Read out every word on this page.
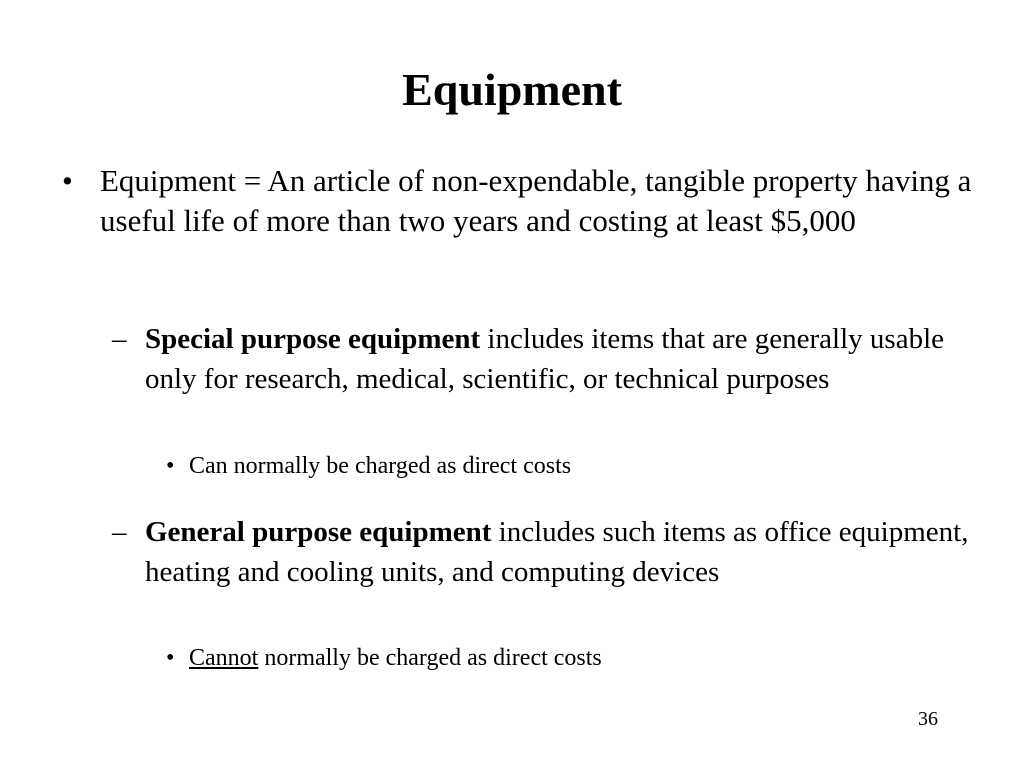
Equipment
• Equipment = An article of non-expendable, tangible property having a useful life of more than two years and costing at least $5,000
– Special purpose equipment includes items that are generally usable only for research, medical, scientific, or technical purposes
• Can normally be charged as direct costs
– General purpose equipment includes such items as office equipment, heating and cooling units, and computing devices
• Cannot normally be charged as direct costs
36
